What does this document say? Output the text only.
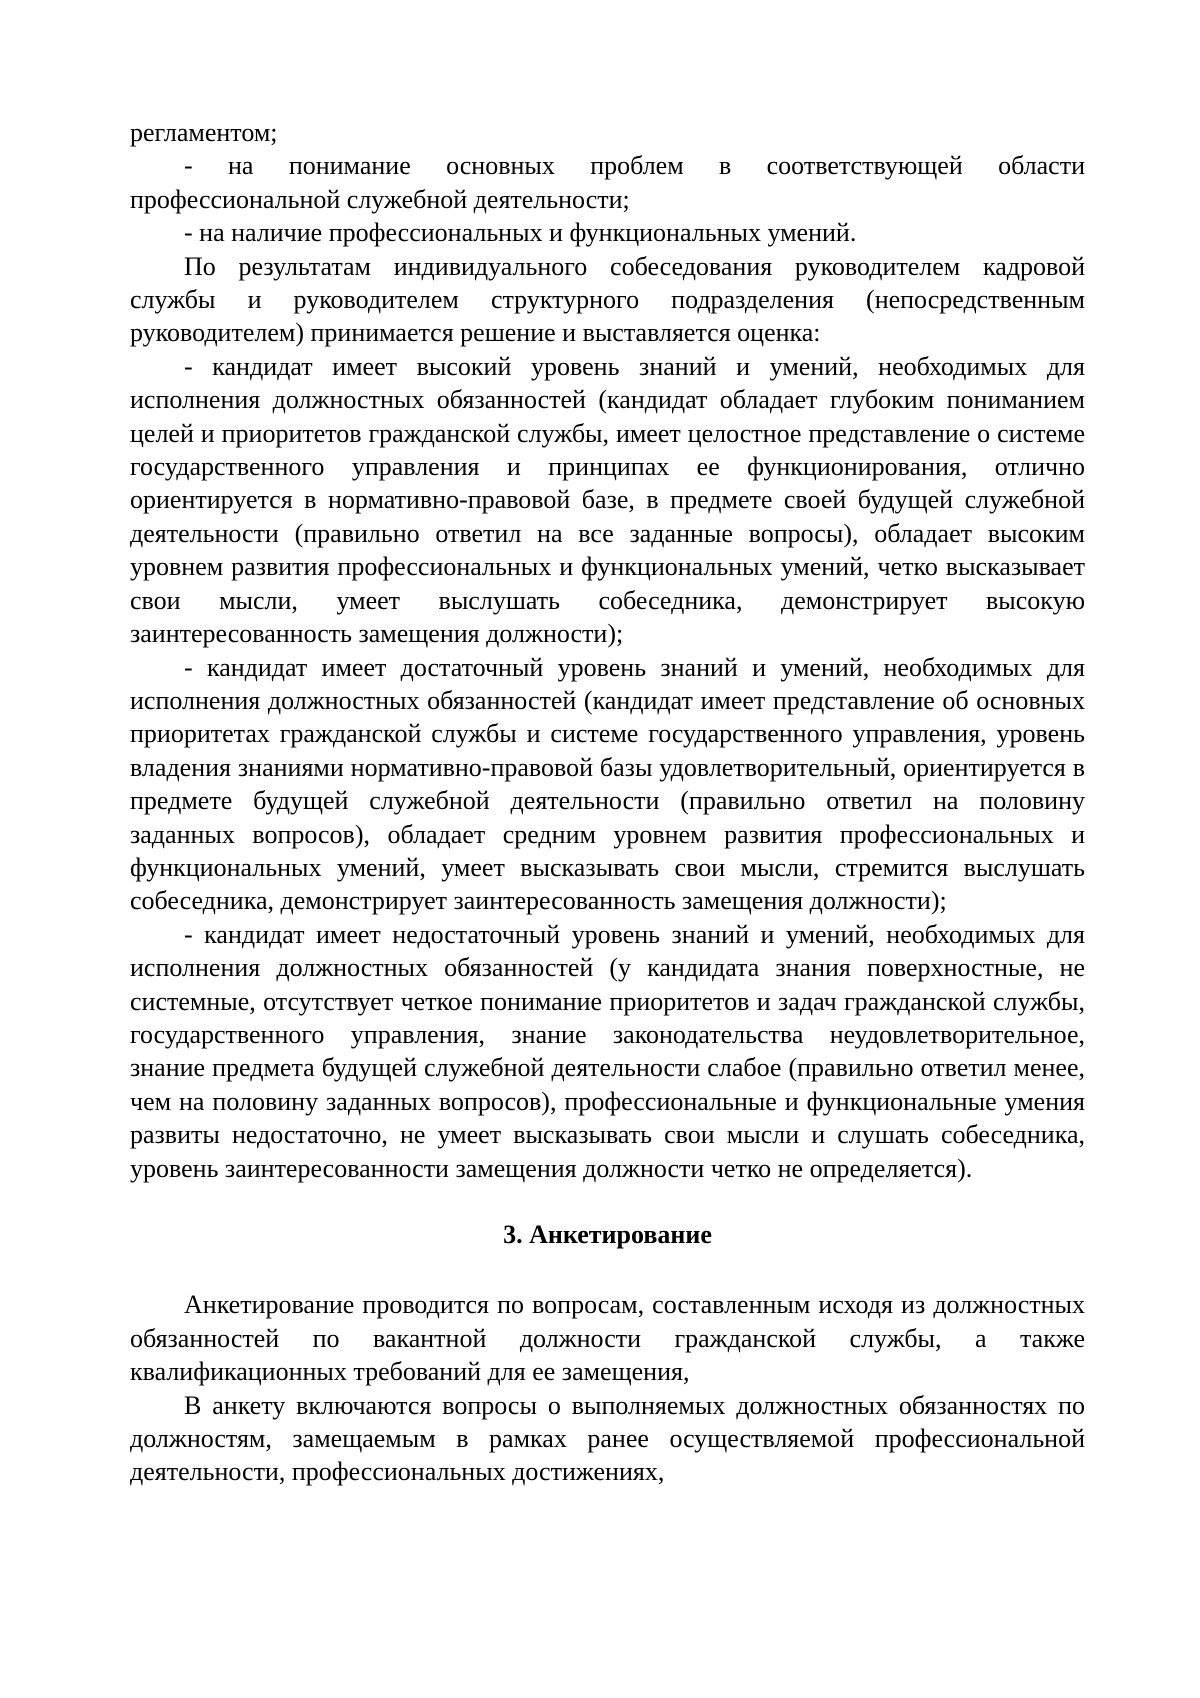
регламентом;

- на понимание основных проблем в соответствующей области профессиональной служебной деятельности;

- на наличие профессиональных и функциональных умений.

По результатам индивидуального собеседования руководителем кадровой службы и руководителем структурного подразделения (непосредственным руководителем) принимается решение и выставляется оценка:

- кандидат имеет высокий уровень знаний и умений, необходимых для исполнения должностных обязанностей (кандидат обладает глубоким пониманием целей и приоритетов гражданской службы, имеет целостное представление о системе государственного управления и принципах ее функционирования, отлично ориентируется в нормативно-правовой базе, в предмете своей будущей служебной деятельности (правильно ответил на все заданные вопросы), обладает высоким уровнем развития профессиональных и функциональных умений, четко высказывает свои мысли, умеет выслушать собеседника, демонстрирует высокую заинтересованность замещения должности);

- кандидат имеет достаточный уровень знаний и умений, необходимых для исполнения должностных обязанностей (кандидат имеет представление об основных приоритетах гражданской службы и системе государственного управления, уровень владения знаниями нормативно-правовой базы удовлетворительный, ориентируется в предмете будущей служебной деятельности (правильно ответил на половину заданных вопросов), обладает средним уровнем развития профессиональных и функциональных умений, умеет высказывать свои мысли, стремится выслушать собеседника, демонстрирует заинтересованность замещения должности);

- кандидат имеет недостаточный уровень знаний и умений, необходимых для исполнения должностных обязанностей (у кандидата знания поверхностные, не системные, отсутствует четкое понимание приоритетов и задач гражданской службы, государственного управления, знание законодательства неудовлетворительное, знание предмета будущей служебной деятельности слабое (правильно ответил менее, чем на половину заданных вопросов), профессиональные и функциональные умения развиты недостаточно, не умеет высказывать свои мысли и слушать собеседника, уровень заинтересованности замещения должности четко не определяется).

3. Анкетирование

Анкетирование проводится по вопросам, составленным исходя из должностных обязанностей по вакантной должности гражданской службы, а также квалификационных требований для ее замещения,

В анкету включаются вопросы о выполняемых должностных обязанностях по должностям, замещаемым в рамках ранее осуществляемой профессиональной деятельности, профессиональных достижениях,
